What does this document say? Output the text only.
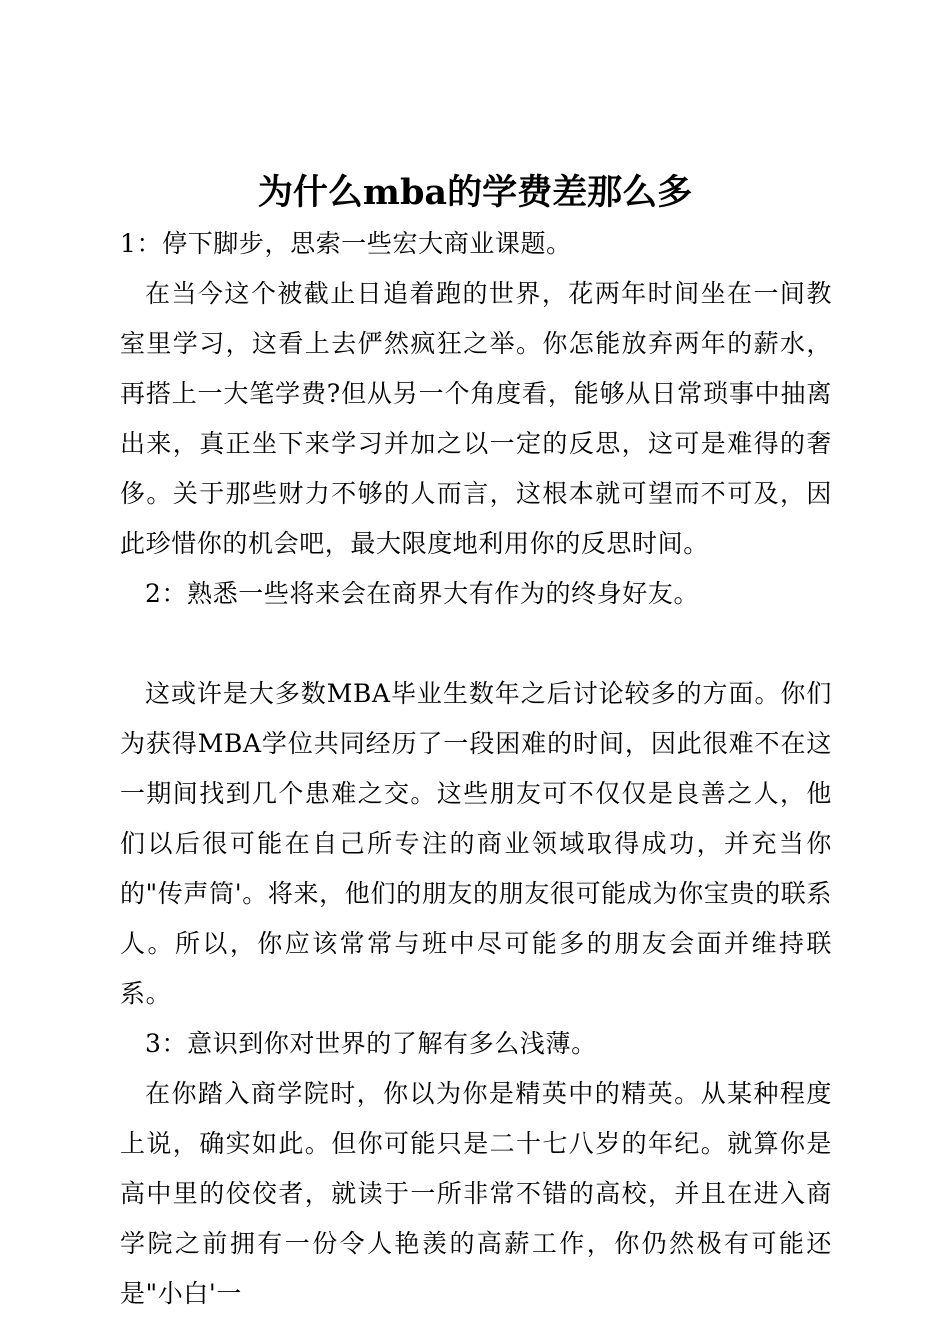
为什么mba的学费差那么多

1：停下脚步，思索一些宏大商业课题。

在当今这个被截止日追着跑的世界，花两年时间坐在一间教室里学习，这看上去俨然疯狂之举。你怎能放弃两年的薪水，再搭上一大笔学费?但从另一个角度看，能够从日常琐事中抽离出来，真正坐下来学习并加之以一定的反思，这可是难得的奢侈。关于那些财力不够的人而言，这根本就可望而不可及，因此珍惜你的机会吧，最大限度地利用你的反思时间。

2：熟悉一些将来会在商界大有作为的终身好友。

这或许是大多数MBA毕业生数年之后讨论较多的方面。你们为获得MBA学位共同经历了一段困难的时间，因此很难不在这一期间找到几个患难之交。这些朋友可不仅仅是良善之人，他们以后很可能在自己所专注的商业领域取得成功，并充当你的"传声筒'。将来，他们的朋友的朋友很可能成为你宝贵的联系人。所以，你应该常常与班中尽可能多的朋友会面并维持联系。

3：意识到你对世界的了解有多么浅薄。

在你踏入商学院时，你以为你是精英中的精英。从某种程度上说，确实如此。但你可能只是二十七八岁的年纪。就算你是高中里的佼佼者，就读于一所非常不错的高校，并且在进入商学院之前拥有一份令人艳羡的高薪工作，你仍然极有可能还是"小白'一
